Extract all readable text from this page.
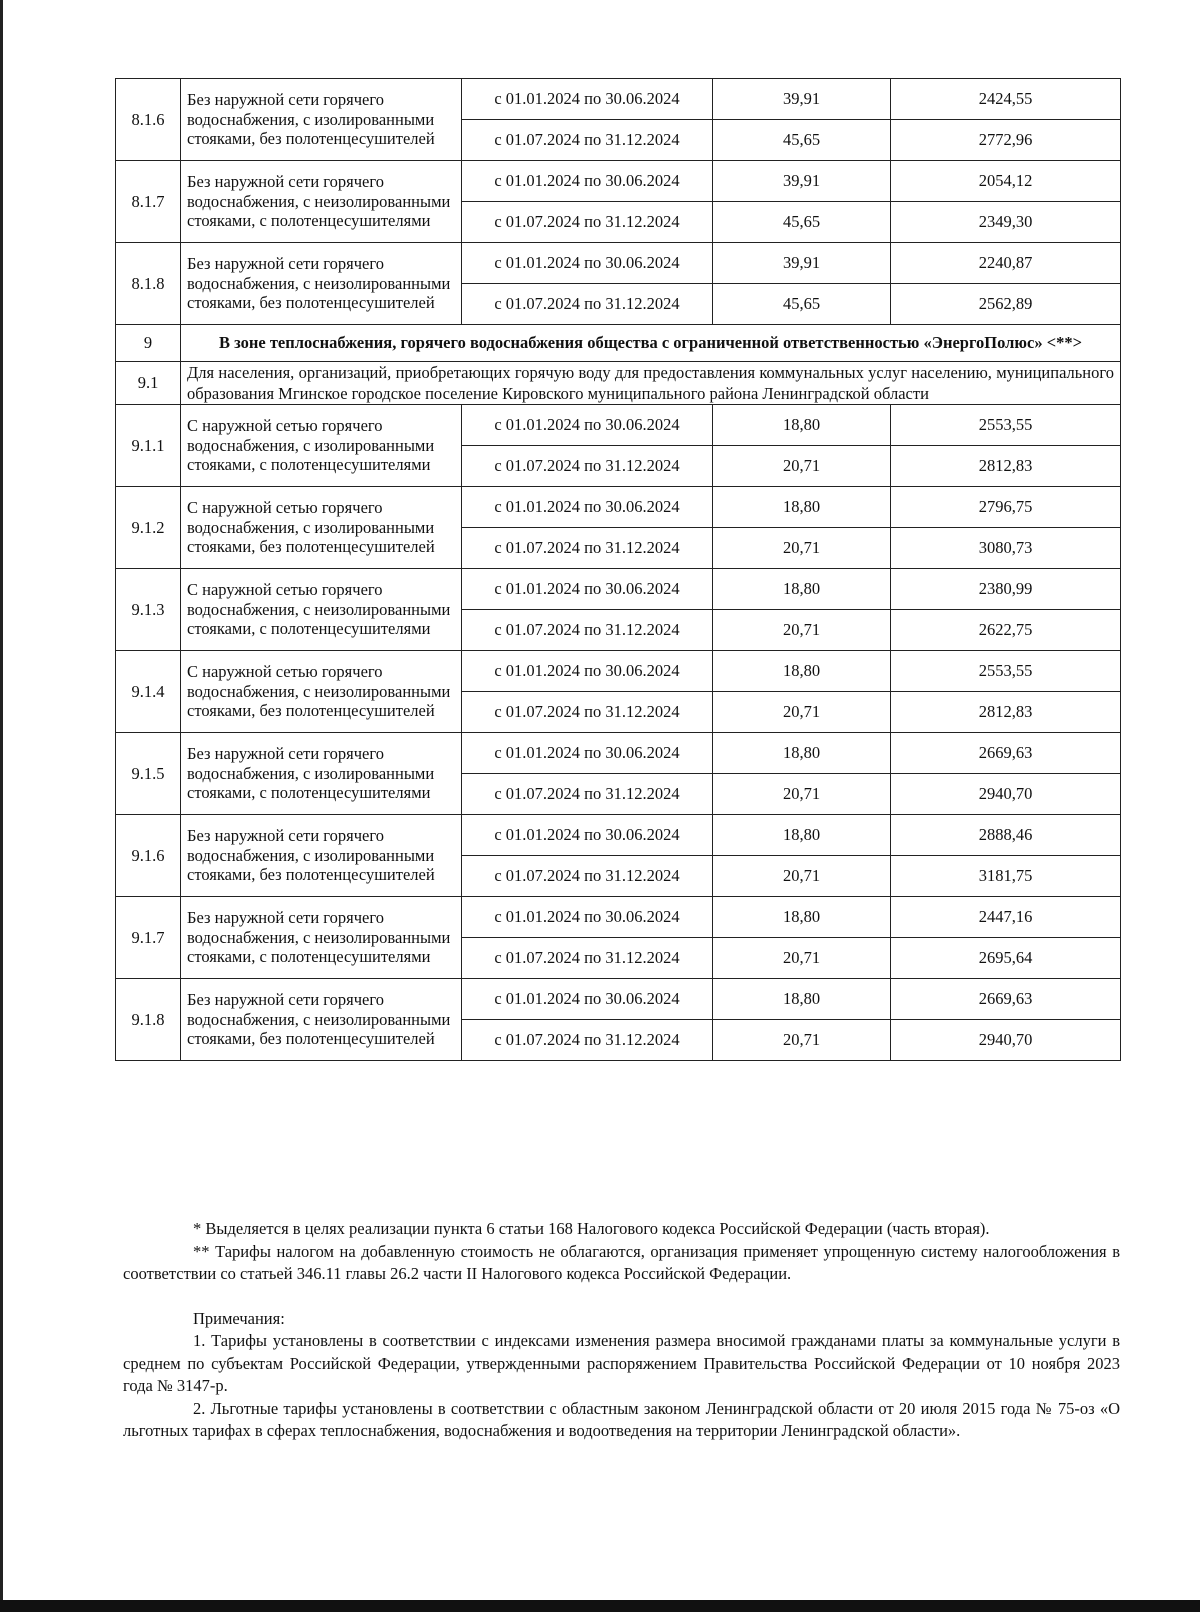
8.1.6	Без наружной сети горячего водоснабжения, с изолированными стояками, без полотенцесушителей	с 01.01.2024 по 30.06.2024	39,91	2424,55
		с 01.07.2024 по 31.12.2024	45,65	2772,96
8.1.7	Без наружной сети горячего водоснабжения, с неизолированными стояками, с полотенцесушителями	с 01.01.2024 по 30.06.2024	39,91	2054,12
		с 01.07.2024 по 31.12.2024	45,65	2349,30
8.1.8	Без наружной сети горячего водоснабжения, с неизолированными стояками, без полотенцесушителей	с 01.01.2024 по 30.06.2024	39,91	2240,87
		с 01.07.2024 по 31.12.2024	45,65	2562,89
9	В зоне теплоснабжения, горячего водоснабжения общества с ограниченной ответственностью «ЭнергоПолюс» <**>			
9.1	Для населения, организаций, приобретающих горячую воду для предоставления коммунальных услуг населению, муниципального образования Мгинское городское поселение Кировского муниципального района Ленинградской области			
9.1.1	С наружной сетью горячего водоснабжения, с изолированными стояками, с полотенцесушителями	с 01.01.2024 по 30.06.2024	18,80	2553,55
		с 01.07.2024 по 31.12.2024	20,71	2812,83
9.1.2	С наружной сетью горячего водоснабжения, с изолированными стояками, без полотенцесушителей	с 01.01.2024 по 30.06.2024	18,80	2796,75
		с 01.07.2024 по 31.12.2024	20,71	3080,73
9.1.3	С наружной сетью горячего водоснабжения, с неизолированными стояками, с полотенцесушителями	с 01.01.2024 по 30.06.2024	18,80	2380,99
		с 01.07.2024 по 31.12.2024	20,71	2622,75
9.1.4	С наружной сетью горячего водоснабжения, с неизолированными стояками, без полотенцесушителей	с 01.01.2024 по 30.06.2024	18,80	2553,55
		с 01.07.2024 по 31.12.2024	20,71	2812,83
9.1.5	Без наружной сети горячего водоснабжения, с изолированными стояками, с полотенцесушителями	с 01.01.2024 по 30.06.2024	18,80	2669,63
		с 01.07.2024 по 31.12.2024	20,71	2940,70
9.1.6	Без наружной сети горячего водоснабжения, с изолированными стояками, без полотенцесушителей	с 01.01.2024 по 30.06.2024	18,80	2888,46
		с 01.07.2024 по 31.12.2024	20,71	3181,75
9.1.7	Без наружной сети горячего водоснабжения, с неизолированными стояками, с полотенцесушителями	с 01.01.2024 по 30.06.2024	18,80	2447,16
		с 01.07.2024 по 31.12.2024	20,71	2695,64
9.1.8	Без наружной сети горячего водоснабжения, с неизолированными стояками, без полотенцесушителей	с 01.01.2024 по 30.06.2024	18,80	2669,63
		с 01.07.2024 по 31.12.2024	20,71	2940,70

* Выделяется в целях реализации пункта 6 статьи 168 Налогового кодекса Российской Федерации (часть вторая).

** Тарифы налогом на добавленную стоимость не облагаются, организация применяет упрощенную систему налогообложения в соответствии со статьей 346.11 главы 26.2 части II Налогового кодекса Российской Федерации.

Примечания:

1. Тарифы установлены в соответствии с индексами изменения размера вносимой гражданами платы за коммунальные услуги в среднем по субъектам Российской Федерации, утвержденными распоряжением Правительства Российской Федерации от 10 ноября 2023 года № 3147-р.

2. Льготные тарифы установлены в соответствии с областным законом Ленинградской области от 20 июля 2015 года № 75-оз «О льготных тарифах в сферах теплоснабжения, водоснабжения и водоотведения на территории Ленинградской области».
